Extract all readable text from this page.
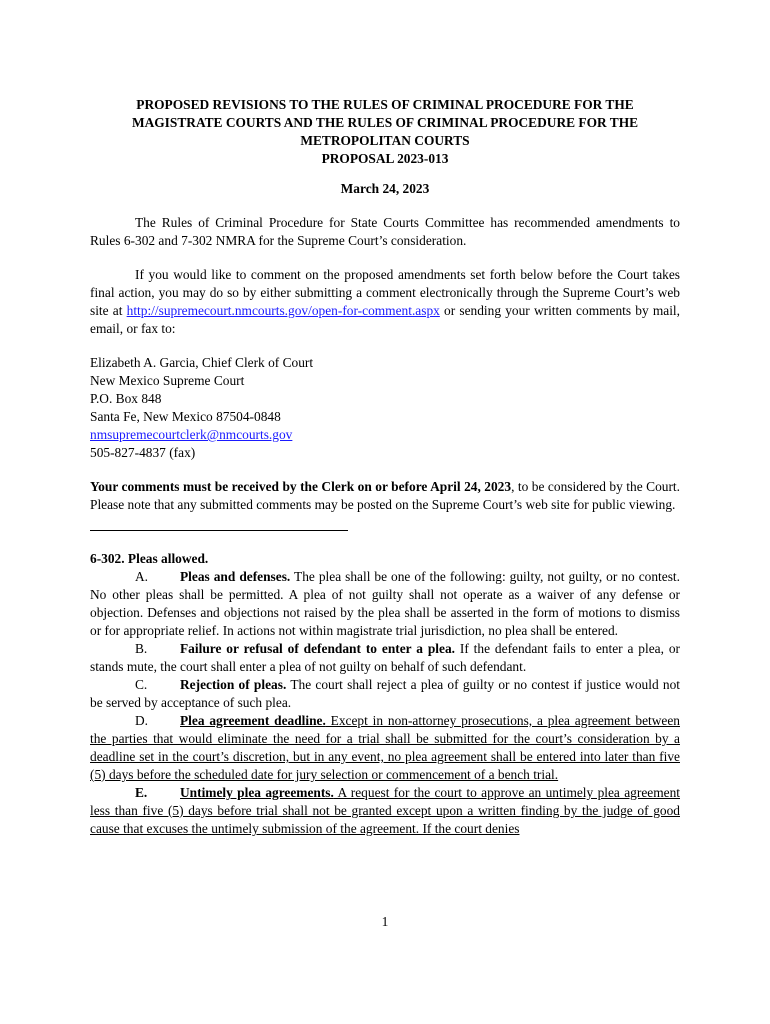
PROPOSED REVISIONS TO THE RULES OF CRIMINAL PROCEDURE FOR THE
MAGISTRATE COURTS AND THE RULES OF CRIMINAL PROCEDURE FOR THE
METROPOLITAN COURTS
PROPOSAL 2023-013
March 24, 2023

The Rules of Criminal Procedure for State Courts Committee has recommended amendments to Rules 6-302 and 7-302 NMRA for the Supreme Court’s consideration.

If you would like to comment on the proposed amendments set forth below before the Court takes final action, you may do so by either submitting a comment electronically through the Supreme Court’s web site at http://supremecourt.nmcourts.gov/open-for-comment.aspx or sending your written comments by mail, email, or fax to:

Elizabeth A. Garcia, Chief Clerk of Court
New Mexico Supreme Court
P.O. Box 848
Santa Fe, New Mexico 87504-0848
nmsupremecourtclerk@nmcourts.gov
505-827-4837 (fax)

Your comments must be received by the Clerk on or before April 24, 2023, to be considered by the Court. Please note that any submitted comments may be posted on the Supreme Court’s web site for public viewing.

6-302. Pleas allowed.

A. Pleas and defenses. The plea shall be one of the following: guilty, not guilty, or no contest. No other pleas shall be permitted. A plea of not guilty shall not operate as a waiver of any defense or objection. Defenses and objections not raised by the plea shall be asserted in the form of motions to dismiss or for appropriate relief. In actions not within magistrate trial jurisdiction, no plea shall be entered.

B. Failure or refusal of defendant to enter a plea. If the defendant fails to enter a plea, or stands mute, the court shall enter a plea of not guilty on behalf of such defendant.

C. Rejection of pleas. The court shall reject a plea of guilty or no contest if justice would not be served by acceptance of such plea.

D. Plea agreement deadline. Except in non-attorney prosecutions, a plea agreement between the parties that would eliminate the need for a trial shall be submitted for the court’s consideration by a deadline set in the court’s discretion, but in any event, no plea agreement shall be entered into later than five (5) days before the scheduled date for jury selection or commencement of a bench trial.

E. Untimely plea agreements. A request for the court to approve an untimely plea agreement less than five (5) days before trial shall not be granted except upon a written finding by the judge of good cause that excuses the untimely submission of the agreement. If the court denies

1
